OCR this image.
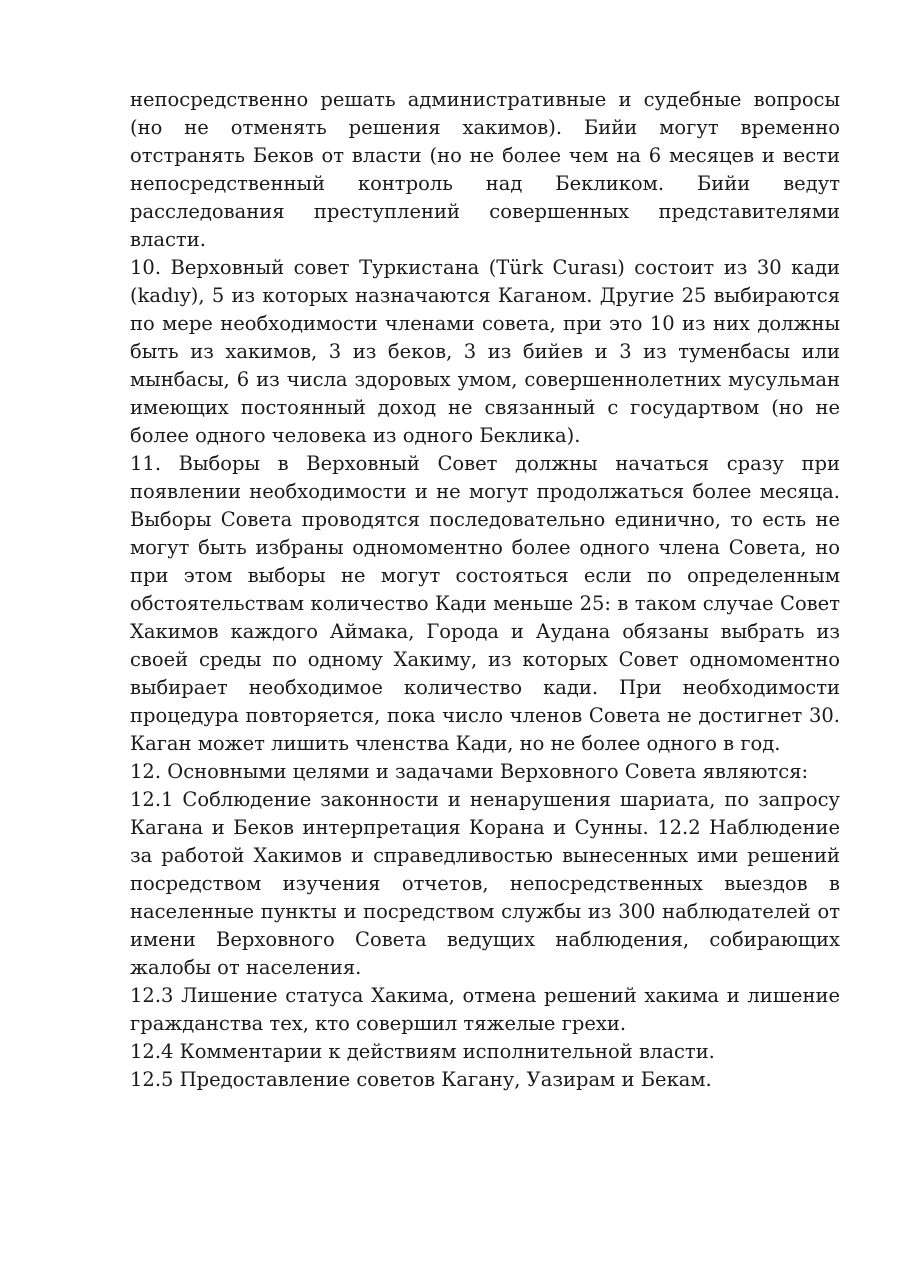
непосредственно решать административные и судебные вопросы (но не отменять решения хакимов). Бийи могут временно отстранять Беков от власти (но не более чем на 6 месяцев и вести непосредственный контроль над Бекликом. Бийи ведут расследования преступлений совершенных представителями власти.

10. Верховный совет Туркистана (Türk Curası) состоит из 30 кади (kadıy), 5 из которых назначаются Каганом. Другие 25 выбираются по мере необходимости членами совета, при это 10 из них должны быть из хакимов, 3 из беков, 3 из бийев и 3 из туменбасы или мынбасы, 6 из числа здоровых умом, совершеннолетних мусульман имеющих постоянный доход не связанный с государтвом (но не более одного человека из одного Беклика).

11. Выборы в Верховный Совет должны начаться сразу при появлении необходимости и не могут продолжаться более месяца. Выборы Совета проводятся последовательно единично, то есть не могут быть избраны одномоментно более одного члена Совета, но при этом выборы не могут состояться если по определенным обстоятельствам количество Кади меньше 25: в таком случае Совет Хакимов каждого Аймака, Города и Аудана обязаны выбрать из своей среды по одному Хакиму, из которых Совет одномоментно выбирает необходимое количество кади. При необходимости процедура повторяется, пока число членов Совета не достигнет 30. Каган может лишить членства Кади, но не более одного в год.

12. Основными целями и задачами Верховного Совета являются:

12.1 Соблюдение законности и ненарушения шариата, по запросу Кагана и Беков интерпретация Корана и Сунны. 12.2 Наблюдение за работой Хакимов и справедливостью вынесенных ими решений посредством изучения отчетов, непосредственных выездов в населенные пункты и посредством службы из 300 наблюдателей от имени Верховного Совета ведущих наблюдения, собирающих жалобы от населения.

12.3 Лишение статуса Хакима, отмена решений хакима и лишение гражданства тех, кто совершил тяжелые грехи.

12.4 Комментарии к действиям исполнительной власти.

12.5 Предоставление советов Кагану, Уазирам и Бекам.
